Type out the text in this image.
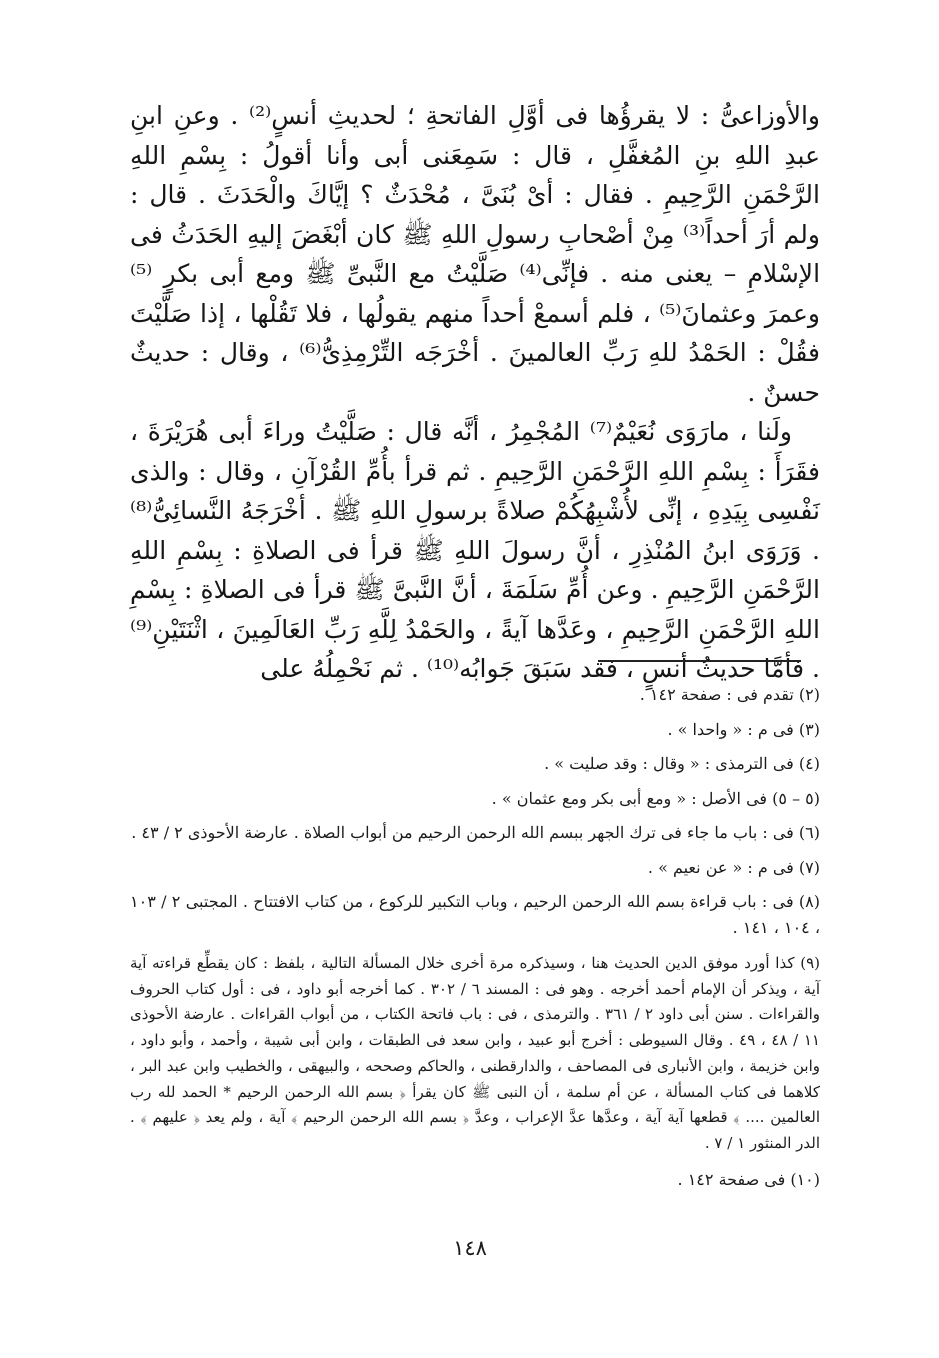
والأوزاعىُّ : لا يقرؤُها فى أوَّلِ الفاتحةِ ؛ لحديثِ أنسٍ⁽²⁾ . وعنِ ابنِ عبدِ اللهِ بنِ المُغفَّلِ ، قال : سَمِعَنى أبى وأنا أقولُ : بِسْمِ اللهِ الرَّحْمَنِ الرَّحِيمِ . فقال : أىْ بُنَىَّ ، مُحْدَثٌ ؟ إيَّاكَ والْحَدَثَ . قال : ولم أرَ أحداً⁽³⁾ مِنْ أصْحابِ رسولِ اللهِ ﷺ كان أبْغَضَ إليهِ الحَدَثُ فى الإسْلامِ – يعنى منه . فإنِّى⁽⁴⁾ صَلَّيْتُ مع النَّبىِّ ﷺ ومع أبى بكرٍ ⁽⁵⁾وعمرَ وعثمانَ⁽⁵⁾ ، فلم أسمعْ أحداً منهم يقولُها ، فلا تَقُلْها ، إذا صَلَّيْتَ فقُلْ : الحَمْدُ للهِ رَبِّ العالمينَ . أخْرَجَه التِّرْمِذِىُّ⁽⁶⁾ ، وقال : حديثٌ حسنٌ .

ولَنا ، مارَوَى نُعَيْمٌ⁽⁷⁾ المُجْمِرُ ، أنَّه قال : صَلَّيْتُ وراءَ أبى هُرَيْرَةَ ، فقَرَأَ : بِسْمِ اللهِ الرَّحْمَنِ الرَّحِيمِ . ثم قرأ بأُمِّ القُرْآنِ ، وقال : والذى نَفْسِى بِيَدِهِ ، إنِّى لأُشْبِهُكُمْ صلاةً برسولِ اللهِ ﷺ . أخْرَجَهُ النَّسائِىُّ⁽⁸⁾ . وَرَوَى ابنُ المُنْذِرِ ، أنَّ رسولَ اللهِ ﷺ قرأ فى الصلاةِ : بِسْمِ اللهِ الرَّحْمَنِ الرَّحِيمِ . وعن أُمِّ سَلَمَةَ ، أنَّ النَّبىَّ ﷺ قرأ فى الصلاةِ : بِسْمِ اللهِ الرَّحْمَنِ الرَّحِيمِ ، وعَدَّها آيةً ، والحَمْدُ لِلَّهِ رَبِّ العَالَمِينَ ، اثْنَتَيْنِ⁽⁹⁾ . فأمَّا حديثُ أنسٍ ، فقد سَبَقَ جَوابُه⁽¹⁰⁾ . ثم نَحْمِلُهُ على

(٢) تقدم فى : صفحة ١٤٢ .

(٣) فى م : « واحدا » .

(٤) فى الترمذى : « وقال : وقد صليت » .

(٥ – ٥) فى الأصل : « ومع أبى بكر ومع عثمان » .

(٦) فى : باب ما جاء فى ترك الجهر ببسم الله الرحمن الرحيم من أبواب الصلاة . عارضة الأحوذى ٢ / ٤٣ .

(٧) فى م : « عن نعيم » .

(٨) فى : باب قراءة بسم الله الرحمن الرحيم ، وباب التكبير للركوع ، من كتاب الافتتاح . المجتبى ٢ / ١٠٣ ، ١٠٤ ، ١٤١ .

(٩) كذا أورد موفق الدين الحديث هنا ، وسيذكره مرة أخرى خلال المسألة التالية ، بلفظ : كان يقطِّع قراءته آية آية ، ويذكر أن الإمام أحمد أخرجه . وهو فى : المسند ٦ / ٣٠٢ . كما أخرجه أبو داود ، فى : أول كتاب الحروف والقراءات . سنن أبى داود ٢ / ٣٦١ . والترمذى ، فى : باب فاتحة الكتاب ، من أبواب القراءات . عارضة الأحوذى ١١ / ٤٨ ، ٤٩ . وقال السيوطى : أخرج أبو عبيد ، وابن سعد فى الطبقات ، وابن أبى شيبة ، وأحمد ، وأبو داود ، وابن خزيمة ، وابن الأنبارى فى المصاحف ، والدارقطنى ، والحاكم وصححه ، والبيهقى ، والخطيب وابن عبد البر ، كلاهما فى كتاب المسألة ، عن أم سلمة ، أن النبى ﷺ كان يقرأ ﴿ بسم الله الرحمن الرحيم * الحمد لله رب العالمين .... ﴾ قطعها آية آية ، وعدَّها عدَّ الإعراب ، وعدَّ ﴿ بسم الله الرحمن الرحيم ﴾ آية ، ولم يعد ﴿ عليهم ﴾ . الدر المنثور ١ / ٧ .

(١٠) فى صفحة ١٤٢ .

١٤٨
